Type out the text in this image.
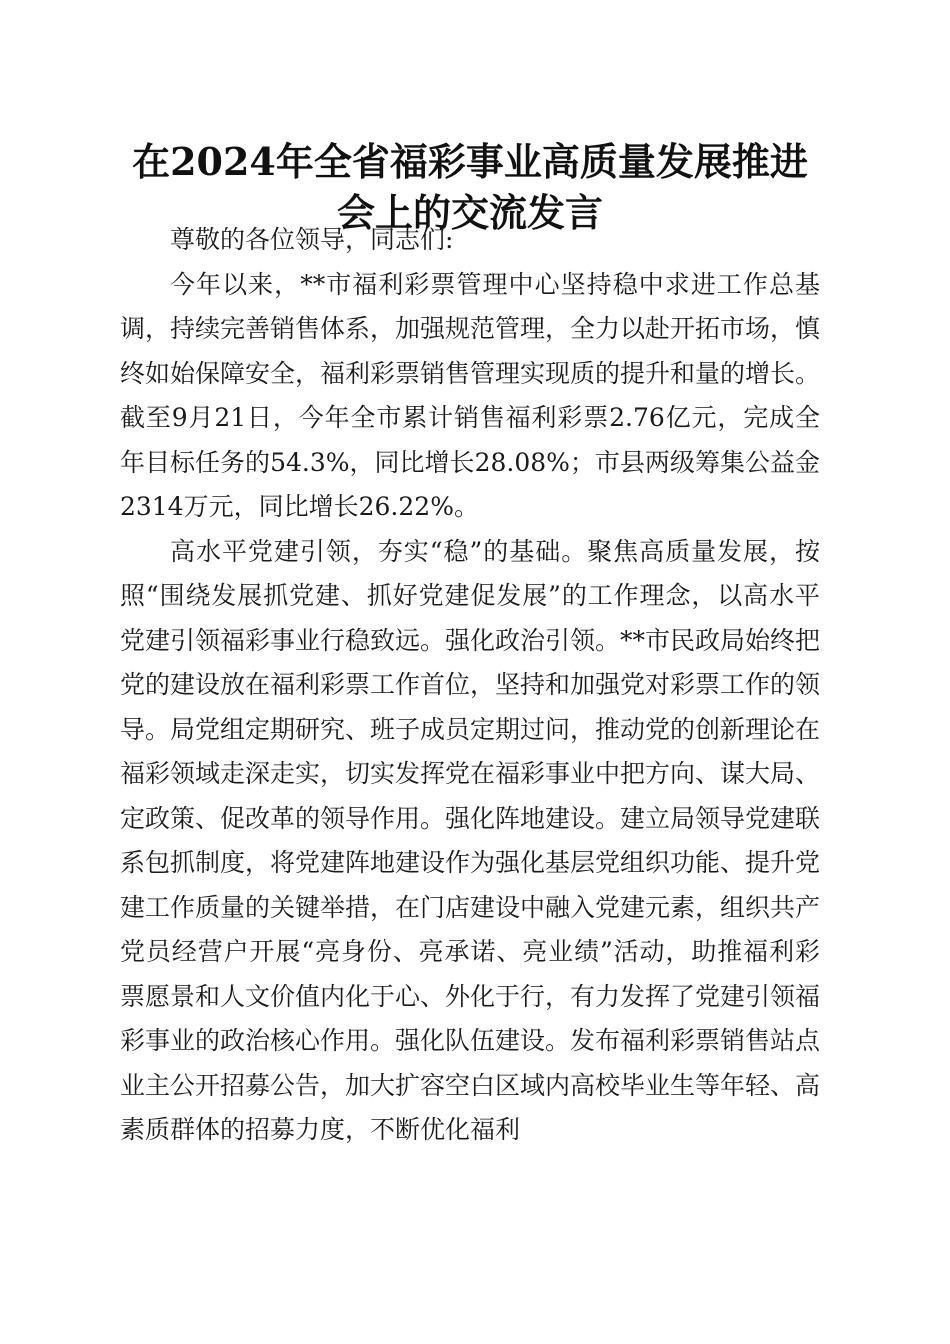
在2024年全省福彩事业高质量发展推进会上的交流发言

尊敬的各位领导，同志们:

今年以来，**市福利彩票管理中心坚持稳中求进工作总基调，持续完善销售体系，加强规范管理，全力以赴开拓市场，慎终如始保障安全，福利彩票销售管理实现质的提升和量的增长。截至9月21日，今年全市累计销售福利彩票2.76亿元，完成全年目标任务的54.3%，同比增长28.08%；市县两级筹集公益金2314万元，同比增长26.22%。

高水平党建引领，夯实“稳”的基础。聚焦高质量发展，按照“围绕发展抓党建、抓好党建促发展”的工作理念，以高水平党建引领福彩事业行稳致远。强化政治引领。**市民政局始终把党的建设放在福利彩票工作首位，坚持和加强党对彩票工作的领导。局党组定期研究、班子成员定期过问，推动党的创新理论在福彩领域走深走实，切实发挥党在福彩事业中把方向、谋大局、定政策、促改革的领导作用。强化阵地建设。建立局领导党建联系包抓制度，将党建阵地建设作为强化基层党组织功能、提升党建工作质量的关键举措，在门店建设中融入党建元素，组织共产党员经营户开展“亮身份、亮承诺、亮业绩”活动，助推福利彩票愿景和人文价值内化于心、外化于行，有力发挥了党建引领福彩事业的政治核心作用。强化队伍建设。发布福利彩票销售站点业主公开招募公告，加大扩容空白区域内高校毕业生等年轻、高素质群体的招募力度，不断优化福利
